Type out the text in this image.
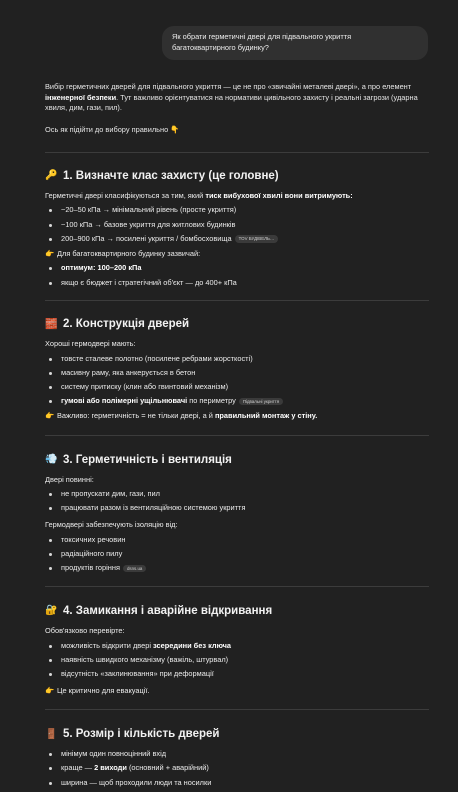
Як обрати герметичні двері для підвального укриття
багатоквартирного будинку?

Вибір герметичних дверей для підвального укриття — це не про «звичайні металеві двері», а про елемент інженерної безпеки. Тут важливо орієнтуватися на нормативи цивільного захисту і реальні загрози (ударна хвиля, дим, гази, пил).

Ось як підійти до вибору правильно 👇

🔑 1. Визначте клас захисту (це головне)

Герметичні двері класифікуються за тим, який тиск вибухової хвилі вони витримують:

~20–50 кПа → мінімальний рівень (просте укриття)
~100 кПа → базове укриття для житлових будинків
200–900 кПа → посилені укриття / бомбосховища TOV БУДІВЕЛЬ…

👉 Для багатоквартирного будинку зазвичай:

оптимум: 100–200 кПа
якщо є бюджет і стратегічний об'єкт — до 400+ кПа
🧱 2. Конструкція дверей

Хороші гермодвері мають:

товсте сталеве полотно (посилене ребрами жорсткості)
масивну раму, яка анкерується в бетон
систему притиску (клин або гвинтовий механізм)
гумові або полімерні ущільнювачі по периметру Підвальні укриття

👉 Важливо: герметичність = не тільки двері, а й правильний монтаж у стіну.

💨 3. Герметичність і вентиляція

Двері повинні:

не пропускати дим, гази, пил
працювати разом із вентиляційною системою укриття

Гермодвері забезпечують ізоляцію від:

токсичних речовин
радіаційного пилу
продуктів горіння dsns.ua
🔐 4. Замикання і аварійне відкривання

Обов'язково перевірте:

можливість відкрити двері зсередини без ключа
наявність швидкого механізму (важіль, штурвал)
відсутність «заклинювання» при деформації

👉 Це критично для евакуації.

🚪 5. Розмір і кількість дверей
мінімум один повноцінний вхід
краще — 2 виходи (основний + аварійний)
ширина — щоб проходили люди та носилки
